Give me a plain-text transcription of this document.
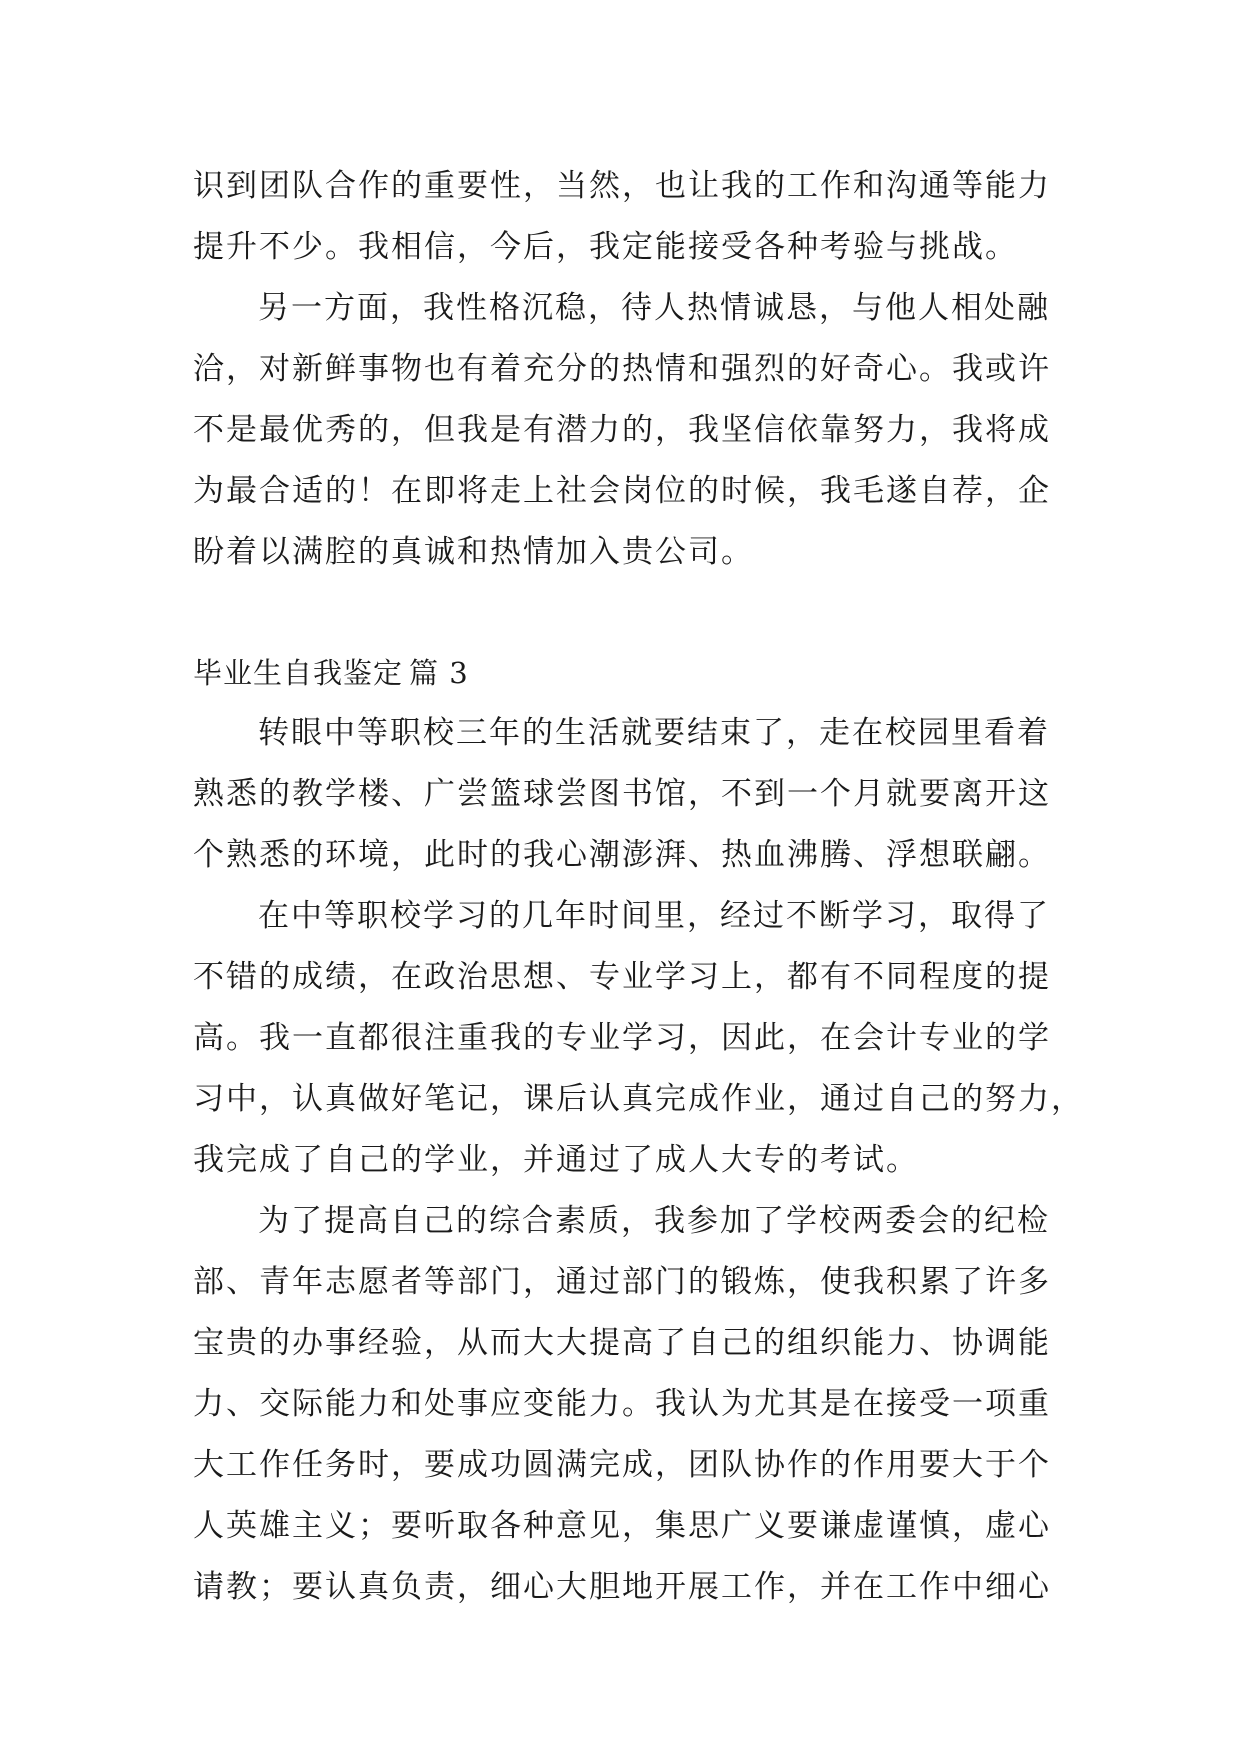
识到团队合作的重要性，当然，也让我的工作和沟通等能力
提升不少。我相信，今后，我定能接受各种考验与挑战。
另一方面，我性格沉稳，待人热情诚恳，与他人相处融
洽，对新鲜事物也有着充分的热情和强烈的好奇心。我或许
不是最优秀的，但我是有潜力的，我坚信依靠努力，我将成
为最合适的！在即将走上社会岗位的时候，我毛遂自荐，企
盼着以满腔的真诚和热情加入贵公司。
毕业生自我鉴定 篇 3
转眼中等职校三年的生活就要结束了，走在校园里看着
熟悉的教学楼、广尝篮球尝图书馆，不到一个月就要离开这
个熟悉的环境，此时的我心潮澎湃、热血沸腾、浮想联翩。
在中等职校学习的几年时间里，经过不断学习，取得了
不错的成绩，在政治思想、专业学习上，都有不同程度的提
高。我一直都很注重我的专业学习，因此，在会计专业的学
习中，认真做好笔记，课后认真完成作业，通过自己的努力，
我完成了自己的学业，并通过了成人大专的考试。
为了提高自己的综合素质，我参加了学校两委会的纪检
部、青年志愿者等部门，通过部门的锻炼，使我积累了许多
宝贵的办事经验，从而大大提高了自己的组织能力、协调能
力、交际能力和处事应变能力。我认为尤其是在接受一项重
大工作任务时，要成功圆满完成，团队协作的作用要大于个
人英雄主义；要听取各种意见，集思广义要谦虚谨慎，虚心
请教；要认真负责，细心大胆地开展工作，并在工作中细心
